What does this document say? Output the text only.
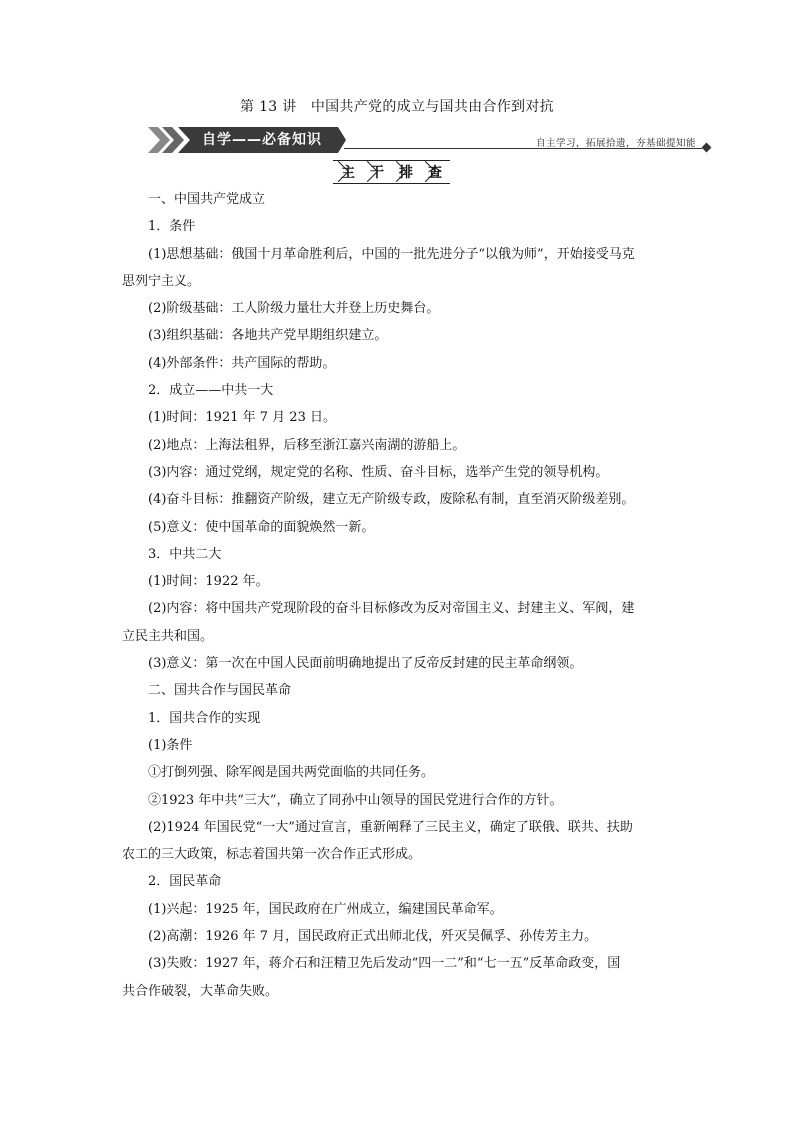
第 13 讲　中国共产党的成立与国共由合作到对抗
自学——必备知识	自主学习，拓展拾遗，夯基础提知能
主	干	排	查
一、中国共产党成立
1．条件
(1)思想基础：俄国十月革命胜利后，中国的一批先进分子“以俄为师”，开始接受马克
思列宁主义。
(2)阶级基础：工人阶级力量壮大并登上历史舞台。
(3)组织基础：各地共产党早期组织建立。
(4)外部条件：共产国际的帮助。
2．成立——中共一大
(1)时间：1921 年 7 月 23 日。
(2)地点：上海法租界，后移至浙江嘉兴南湖的游船上。
(3)内容：通过党纲，规定党的名称、性质、奋斗目标，选举产生党的领导机构。
(4)奋斗目标：推翻资产阶级，建立无产阶级专政，废除私有制，直至消灭阶级差别。
(5)意义：使中国革命的面貌焕然一新。
3．中共二大
(1)时间：1922 年。
(2)内容：将中国共产党现阶段的奋斗目标修改为反对帝国主义、封建主义、军阀，建
立民主共和国。
(3)意义：第一次在中国人民面前明确地提出了反帝反封建的民主革命纲领。
二、国共合作与国民革命
1．国共合作的实现
(1)条件
①打倒列强、除军阀是国共两党面临的共同任务。
②1923 年中共“三大”，确立了同孙中山领导的国民党进行合作的方针。
(2)1924 年国民党“一大”通过宣言，重新阐释了三民主义，确定了联俄、联共、扶助
农工的三大政策，标志着国共第一次合作正式形成。
2．国民革命
(1)兴起：1925 年，国民政府在广州成立，编建国民革命军。
(2)高潮：1926 年 7 月，国民政府正式出师北伐，歼灭吴佩孚、孙传芳主力。
(3)失败：1927 年，蒋介石和汪精卫先后发动“四一二”和“七一五”反革命政变，国
共合作破裂，大革命失败。
